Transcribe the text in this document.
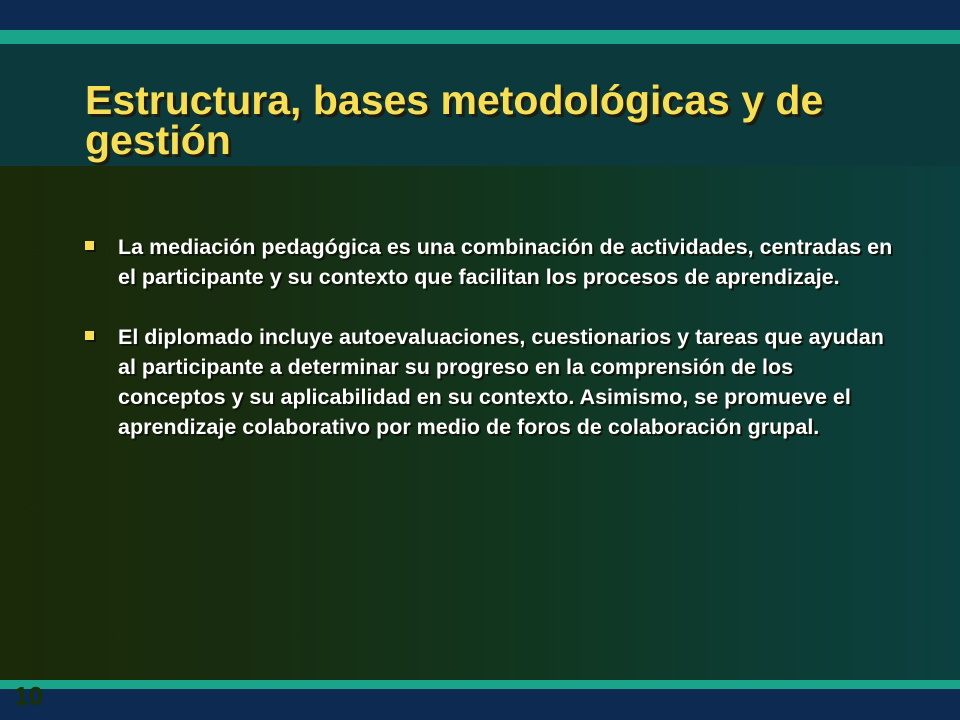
Estructura, bases metodológicas y de gestión
La mediación pedagógica es una combinación de actividades, centradas en el participante y su contexto que facilitan los procesos de aprendizaje.
El diplomado incluye autoevaluaciones, cuestionarios y tareas que ayudan al participante a determinar su progreso en la comprensión de los conceptos y su aplicabilidad en su contexto. Asimismo, se promueve el aprendizaje colaborativo por medio de foros de colaboración grupal.
10
